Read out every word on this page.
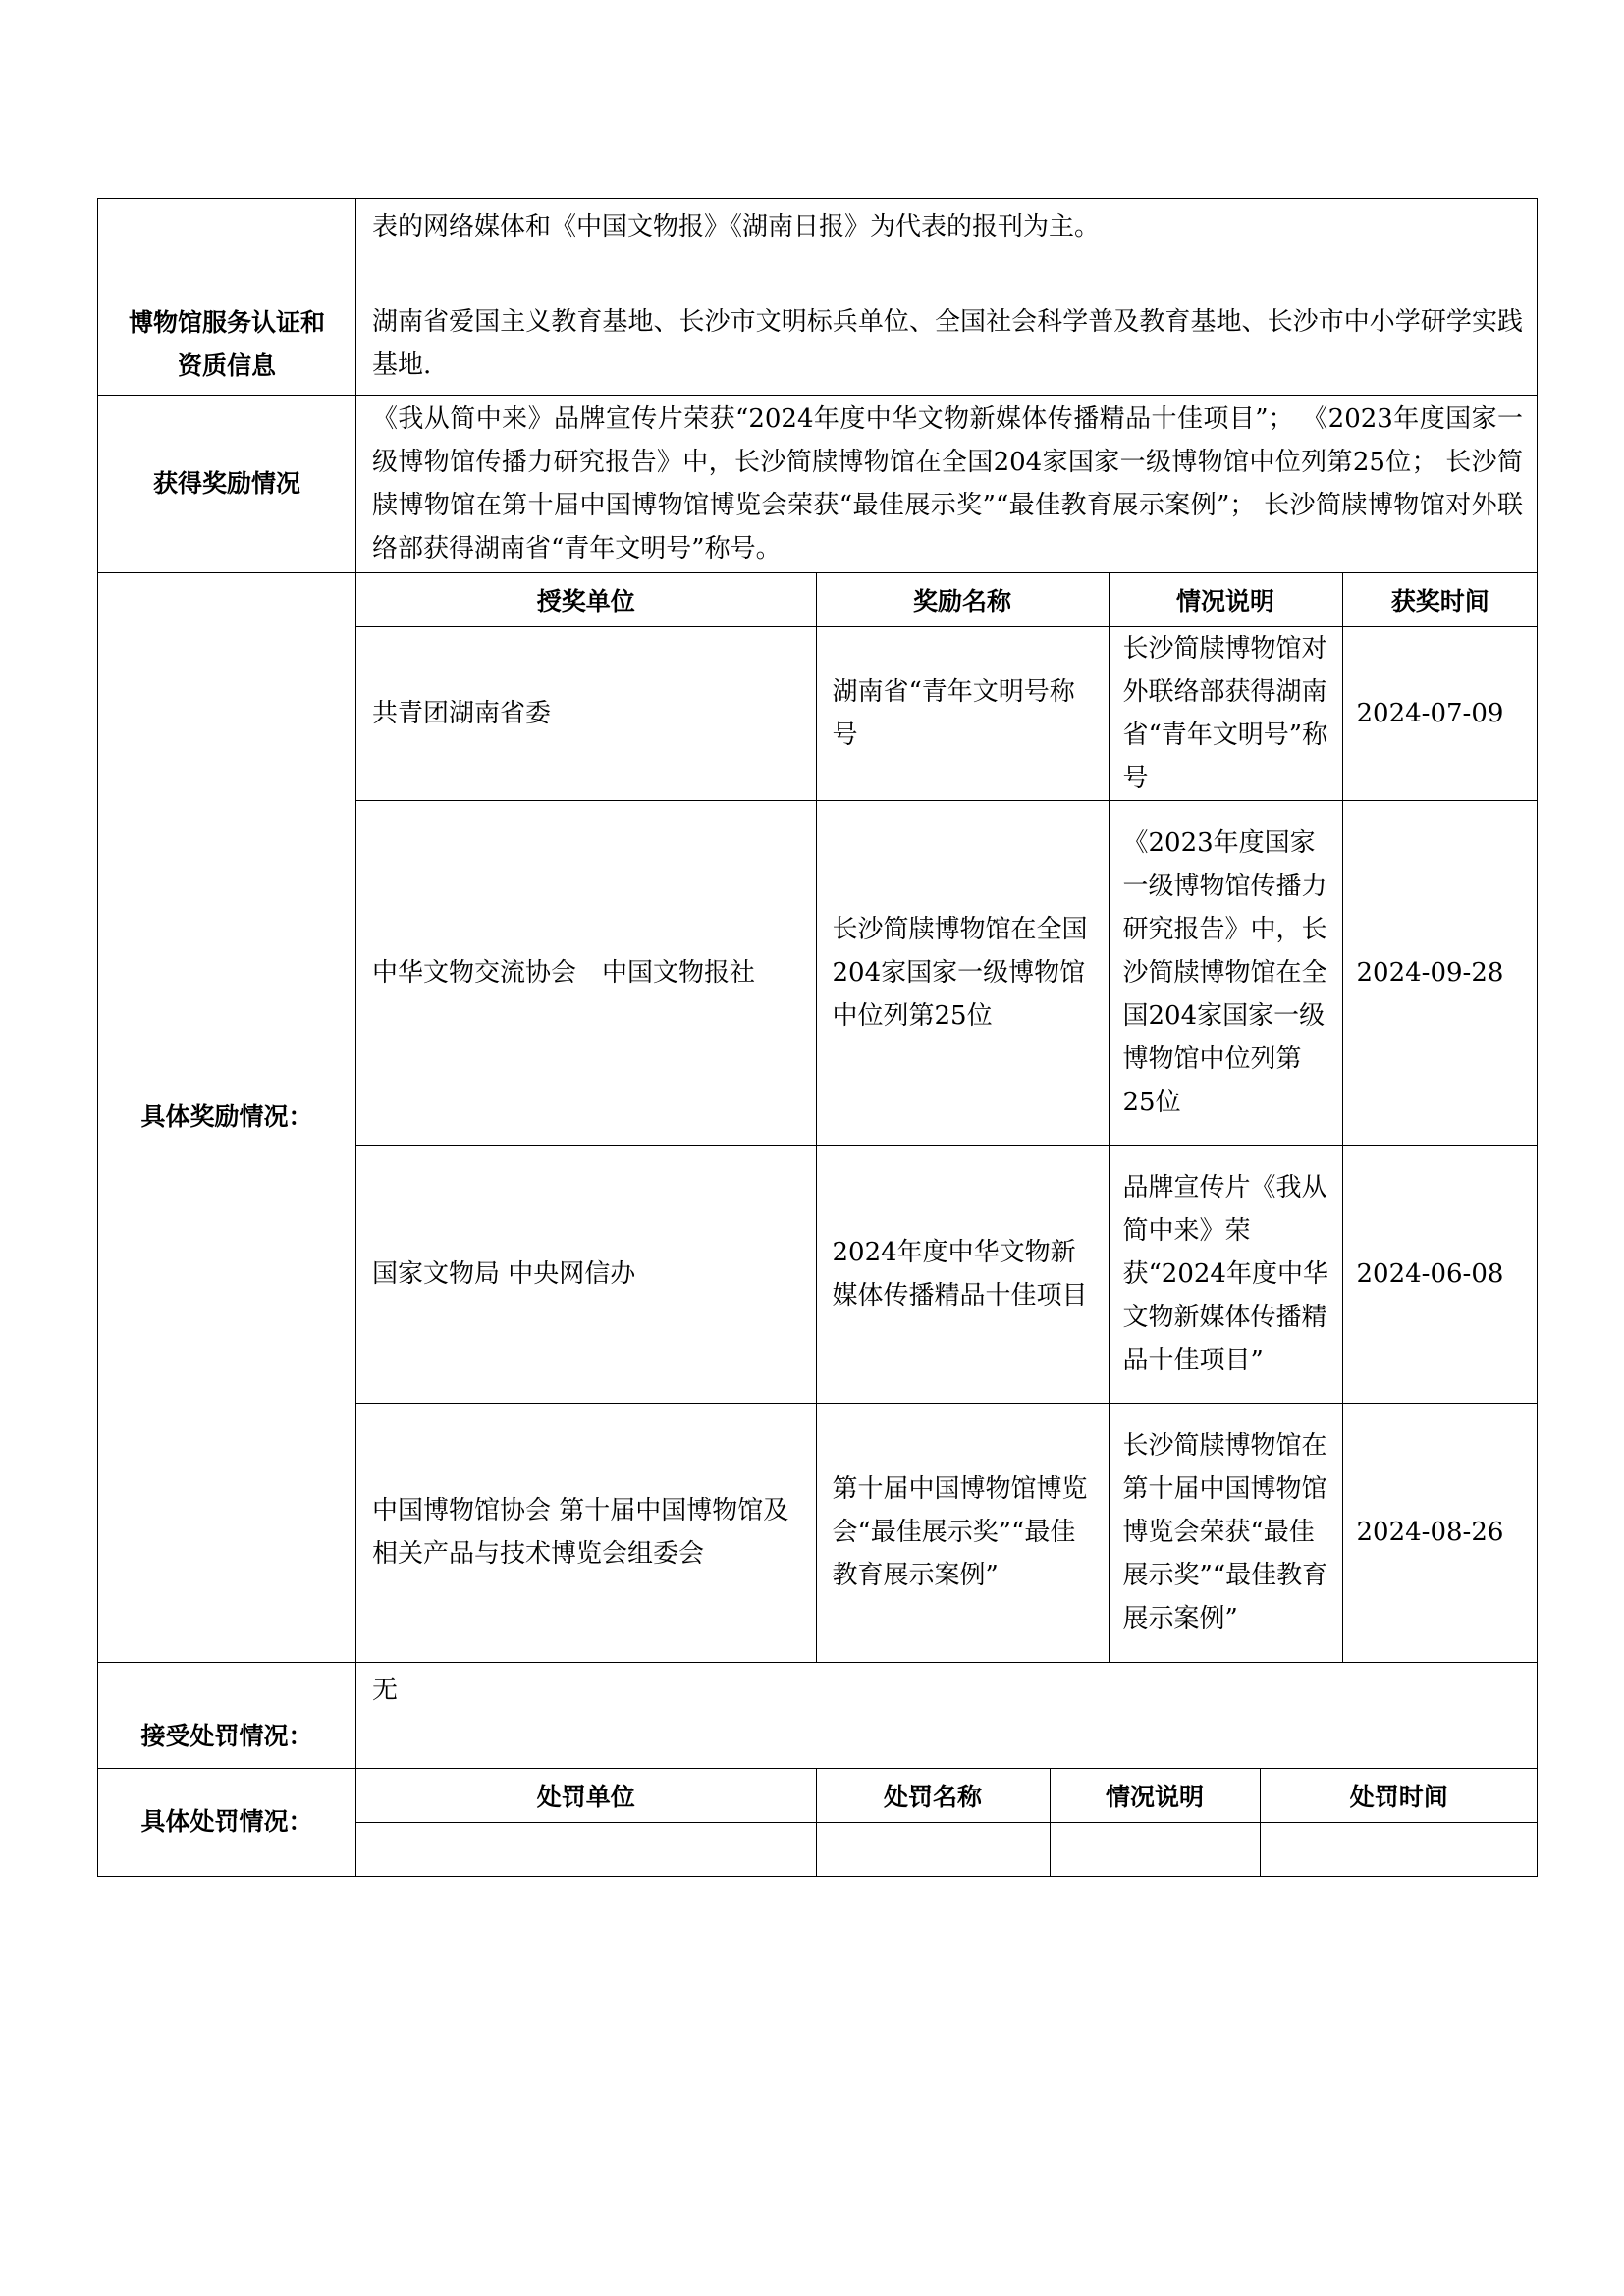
	表的网络媒体和《中国文物报》《湖南日报》为代表的报刊为主。
博物馆服务认证和资质信息	湖南省爱国主义教育基地、长沙市文明标兵单位、全国社会科学普及教育基地、长沙市中小学研学实践基地.
获得奖励情况	《我从简中来》品牌宣传片荣获“2024年度中华文物新媒体传播精品十佳项目”； 《2023年度国家一级博物馆传播力研究报告》中，长沙简牍博物馆在全国204家国家一级博物馆中位列第25位； 长沙简牍博物馆在第十届中国博物馆博览会荣获“最佳展示奖”“最佳教育展示案例”； 长沙简牍博物馆对外联络部获得湖南省“青年文明号”称号。
具体奖励情况：	
授奖单位	奖励名称	情况说明	获奖时间
共青团湖南省委	湖南省“青年文明号称号	长沙简牍博物馆对外联络部获得湖南省“青年文明号”称号	2024-07-09
中华文物交流协会　中国文物报社	长沙简牍博物馆在全国204家国家一级博物馆中位列第25位	《2023年度国家一级博物馆传播力研究报告》中，长沙简牍博物馆在全国204家国家一级博物馆中位列第25位	2024-09-28
国家文物局 中央网信办	2024年度中华文物新媒体传播精品十佳项目	品牌宣传片《我从简中来》荣获“2024年度中华文物新媒体传播精品十佳项目”	2024-06-08
中国博物馆协会 第十届中国博物馆及相关产品与技术博览会组委会	第十届中国博物馆博览会“最佳展示奖”“最佳教育展示案例”	长沙简牍博物馆在第十届中国博物馆博览会荣获“最佳展示奖”“最佳教育展示案例”	2024-08-26

接受处罚情况：	无
具体处罚情况：	
处罚单位	处罚名称	情况说明	处罚时间
